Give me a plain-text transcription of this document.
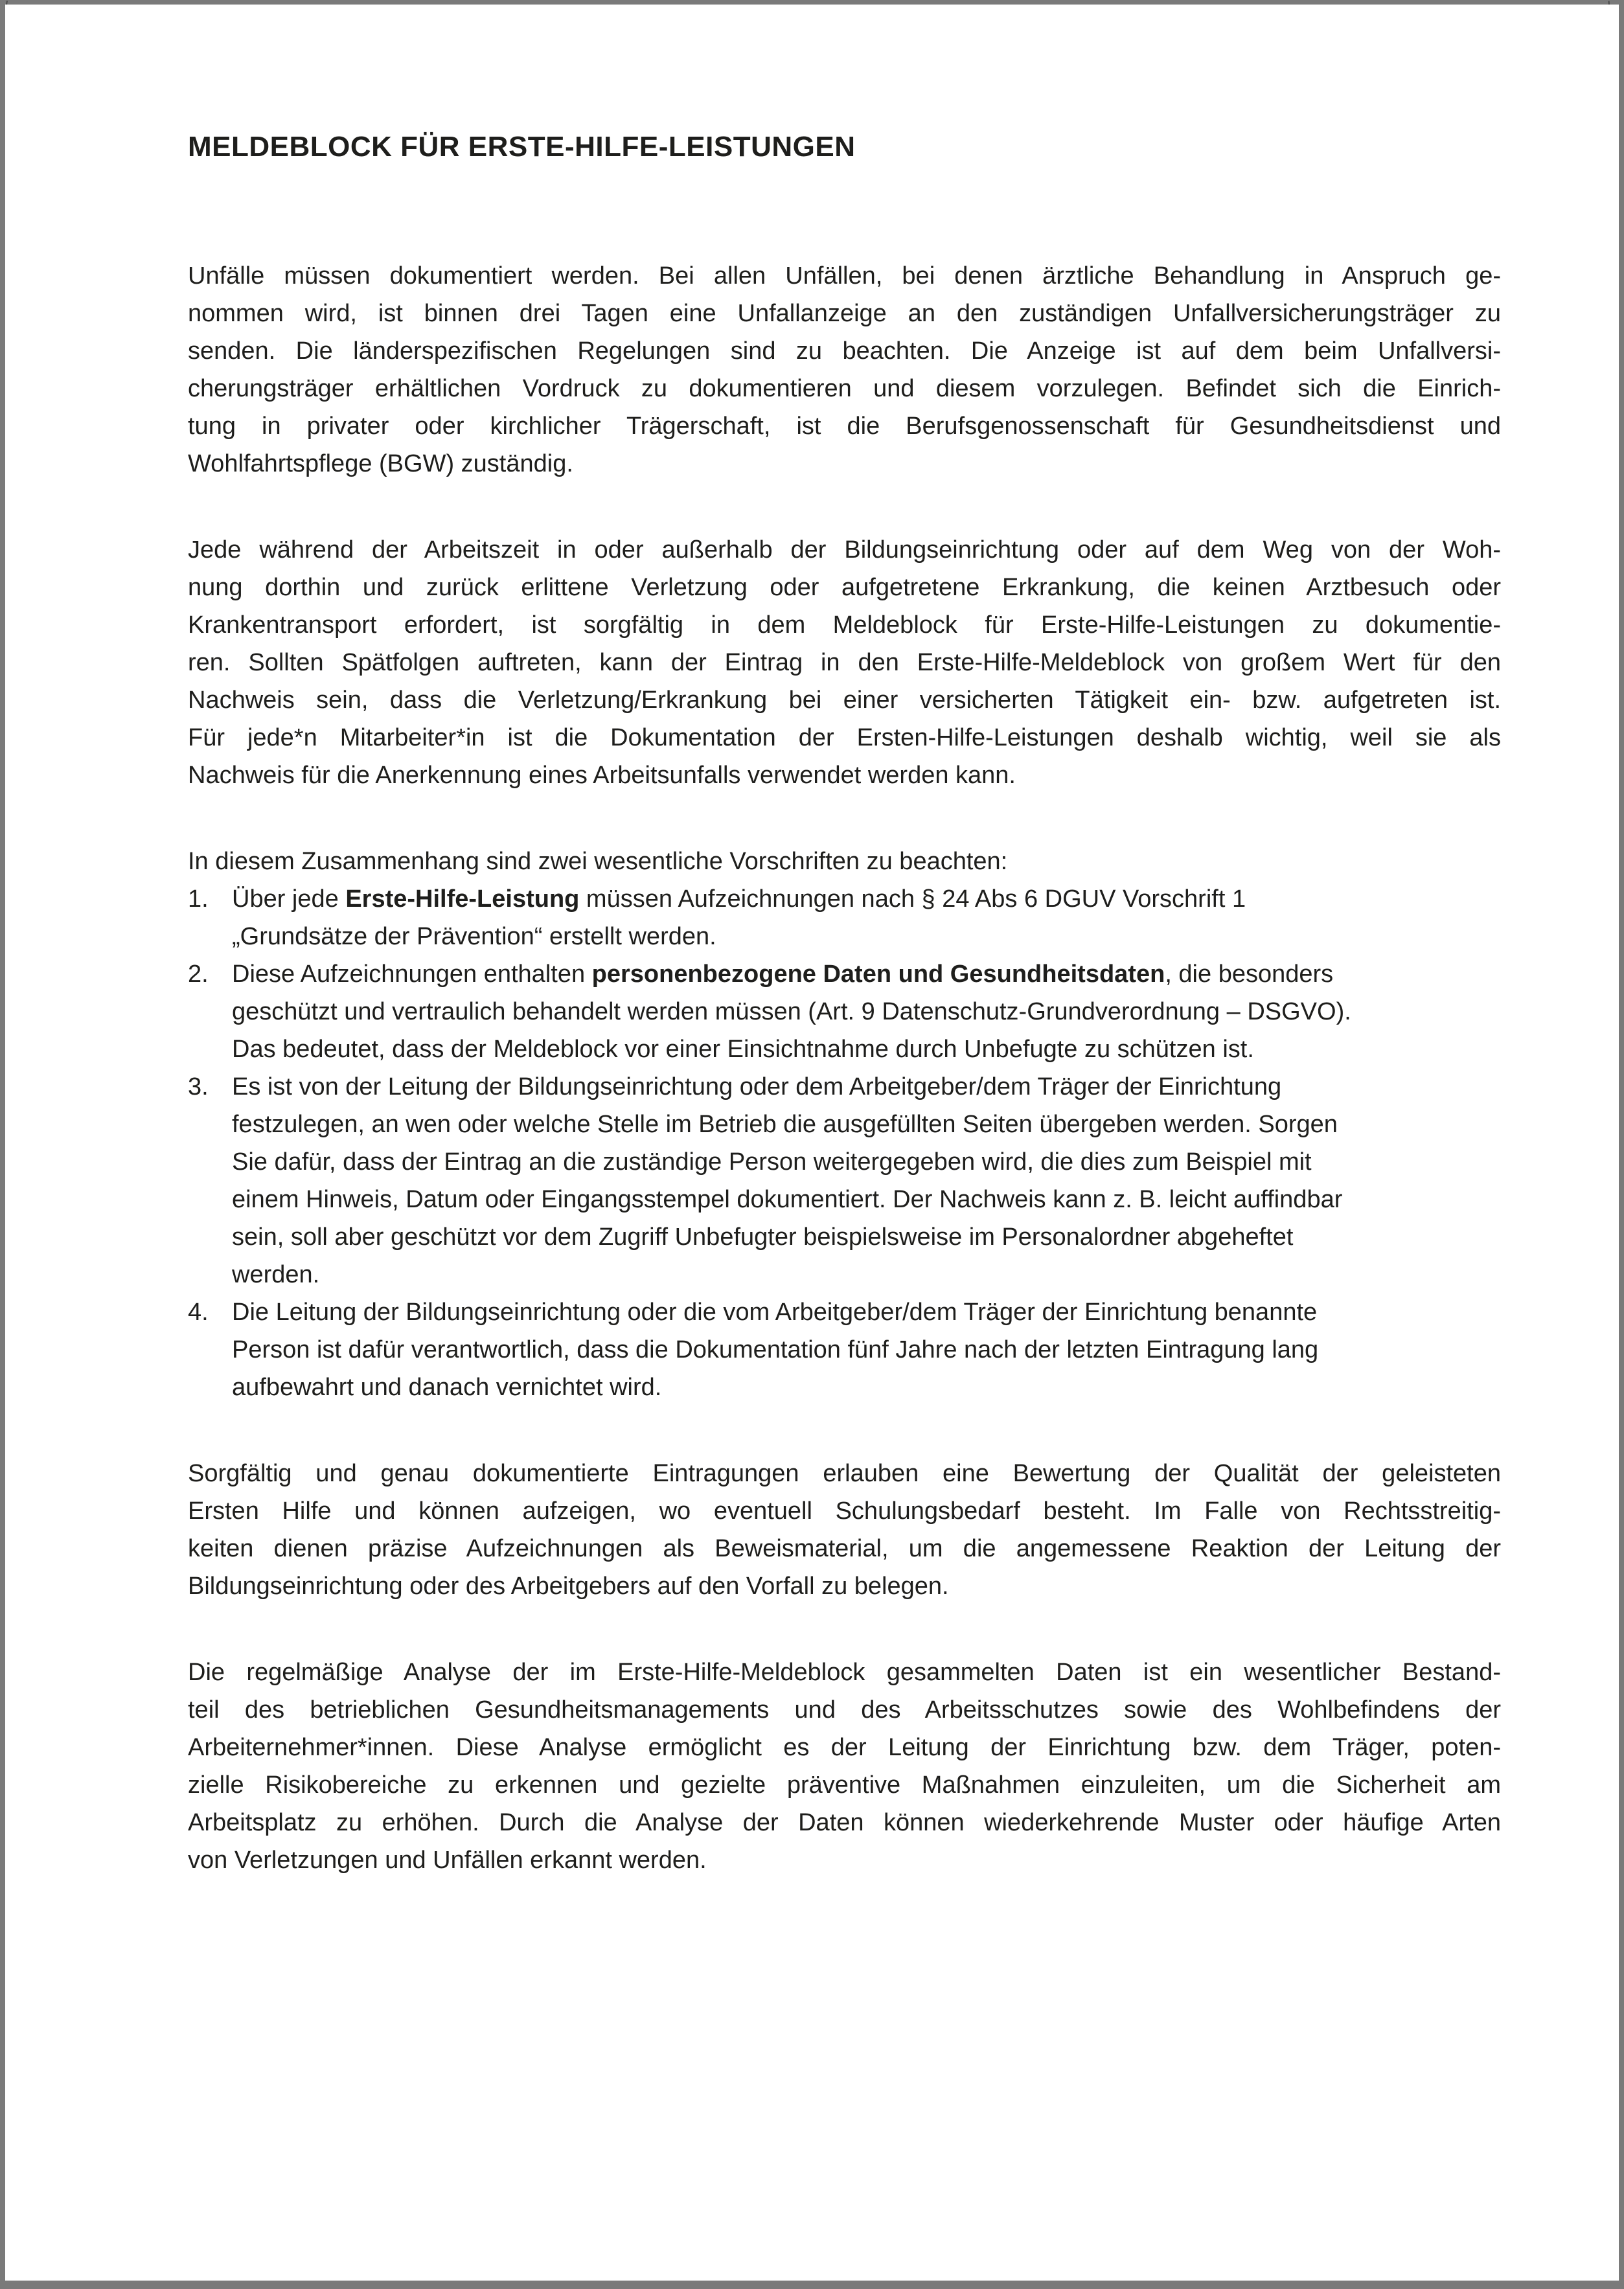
MELDEBLOCK FÜR ERSTE-HILFE-LEISTUNGEN
Unfälle müssen dokumentiert werden. Bei allen Unfällen, bei denen ärztliche Behandlung in Anspruch ge-
nommen wird, ist binnen drei Tagen eine Unfallanzeige an den zuständigen Unfallversicherungsträger zu
senden. Die länderspezifischen Regelungen sind zu beachten. Die Anzeige ist auf dem beim Unfallversi-
cherungsträger erhältlichen Vordruck zu dokumentieren und diesem vorzulegen. Befindet sich die Einrich-
tung in privater oder kirchlicher Trägerschaft, ist die Berufsgenossenschaft für Gesundheitsdienst und
Wohlfahrtspflege (BGW) zuständig.
Jede während der Arbeitszeit in oder außerhalb der Bildungseinrichtung oder auf dem Weg von der Woh-
nung dorthin und zurück erlittene Verletzung oder aufgetretene Erkrankung, die keinen Arztbesuch oder
Krankentransport erfordert, ist sorgfältig in dem Meldeblock für Erste-Hilfe-Leistungen zu dokumentie-
ren. Sollten Spätfolgen auftreten, kann der Eintrag in den Erste-Hilfe-Meldeblock von großem Wert für den
Nachweis sein, dass die Verletzung/Erkrankung bei einer versicherten Tätigkeit ein- bzw. aufgetreten ist.
Für jede*n Mitarbeiter*in ist die Dokumentation der Ersten-Hilfe-Leistungen deshalb wichtig, weil sie als
Nachweis für die Anerkennung eines Arbeitsunfalls verwendet werden kann.
In diesem Zusammenhang sind zwei wesentliche Vorschriften zu beachten:
1. Über jede Erste-Hilfe-Leistung müssen Aufzeichnungen nach § 24 Abs 6 DGUV Vorschrift 1
„Grundsätze der Prävention“ erstellt werden.
2. Diese Aufzeichnungen enthalten personenbezogene Daten und Gesundheitsdaten, die besonders
geschützt und vertraulich behandelt werden müssen (Art. 9 Datenschutz-Grundverordnung – DSGVO).
Das bedeutet, dass der Meldeblock vor einer Einsichtnahme durch Unbefugte zu schützen ist.
3. Es ist von der Leitung der Bildungseinrichtung oder dem Arbeitgeber/dem Träger der Einrichtung
festzulegen, an wen oder welche Stelle im Betrieb die ausgefüllten Seiten übergeben werden. Sorgen
Sie dafür, dass der Eintrag an die zuständige Person weitergegeben wird, die dies zum Beispiel mit
einem Hinweis, Datum oder Eingangsstempel dokumentiert. Der Nachweis kann z. B. leicht auffindbar
sein, soll aber geschützt vor dem Zugriff Unbefugter beispielsweise im Personalordner abgeheftet
werden.
4. Die Leitung der Bildungseinrichtung oder die vom Arbeitgeber/dem Träger der Einrichtung benannte
Person ist dafür verantwortlich, dass die Dokumentation fünf Jahre nach der letzten Eintragung lang
aufbewahrt und danach vernichtet wird.
Sorgfältig und genau dokumentierte Eintragungen erlauben eine Bewertung der Qualität der geleisteten
Ersten Hilfe und können aufzeigen, wo eventuell Schulungsbedarf besteht. Im Falle von Rechtsstreitig-
keiten dienen präzise Aufzeichnungen als Beweismaterial, um die angemessene Reaktion der Leitung der
Bildungseinrichtung oder des Arbeitgebers auf den Vorfall zu belegen.
Die regelmäßige Analyse der im Erste-Hilfe-Meldeblock gesammelten Daten ist ein wesentlicher Bestand-
teil des betrieblichen Gesundheitsmanagements und des Arbeitsschutzes sowie des Wohlbefindens der
Arbeiternehmer*innen. Diese Analyse ermöglicht es der Leitung der Einrichtung bzw. dem Träger, poten-
zielle Risikobereiche zu erkennen und gezielte präventive Maßnahmen einzuleiten, um die Sicherheit am
Arbeitsplatz zu erhöhen. Durch die Analyse der Daten können wiederkehrende Muster oder häufige Arten
von Verletzungen und Unfällen erkannt werden.
